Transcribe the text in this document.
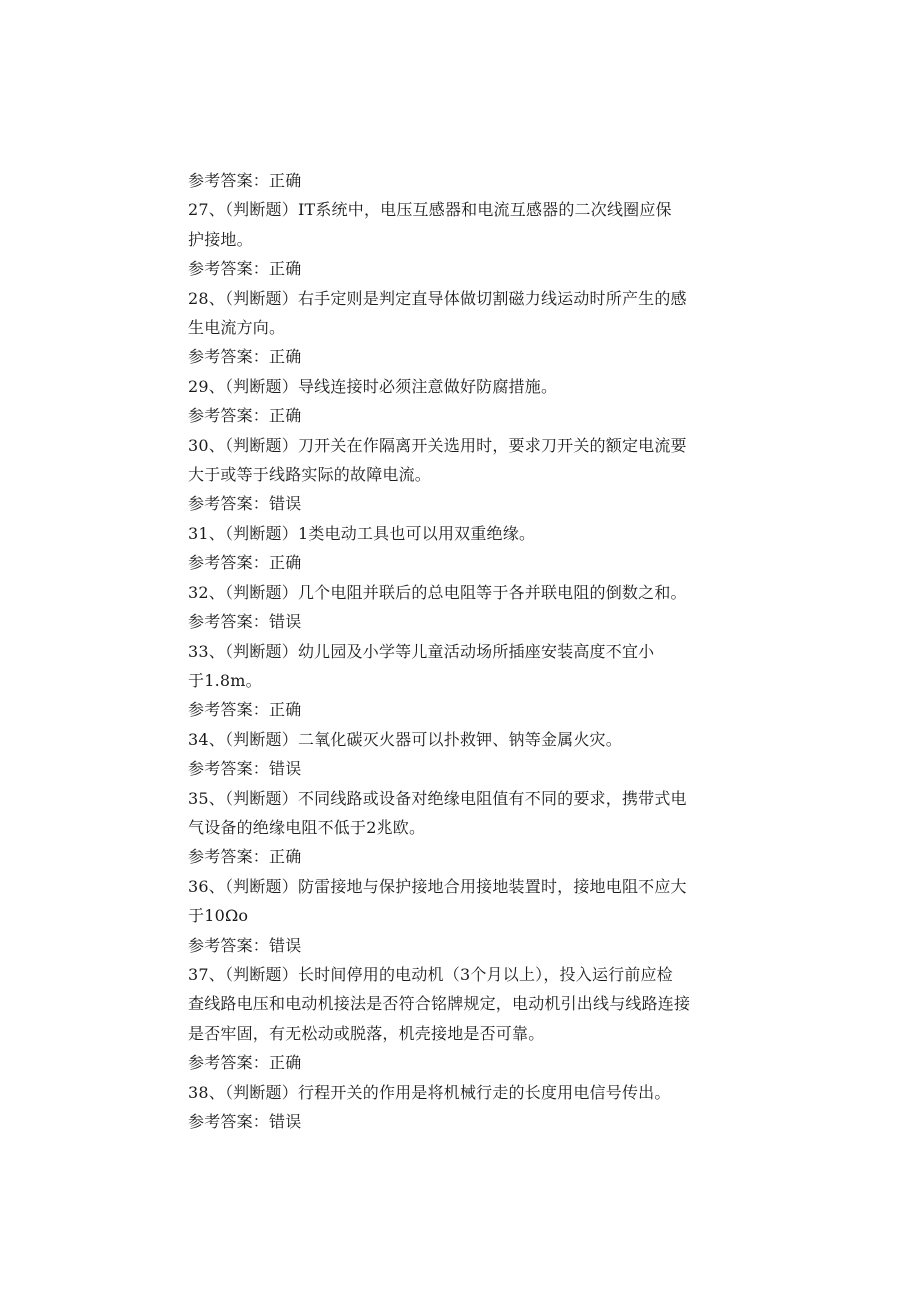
参考答案：正确
27、（判断题）IT系统中，电压互感器和电流互感器的二次线圈应保
护接地。
参考答案：正确
28、（判断题）右手定则是判定直导体做切割磁力线运动时所产生的感
生电流方向。
参考答案：正确
29、（判断题）导线连接时必须注意做好防腐措施。
参考答案：正确
30、（判断题）刀开关在作隔离开关选用时，要求刀开关的额定电流要
大于或等于线路实际的故障电流。
参考答案：错误
31、（判断题）1类电动工具也可以用双重绝缘。
参考答案：正确
32、（判断题）几个电阻并联后的总电阻等于各并联电阻的倒数之和。
参考答案：错误
33、（判断题）幼儿园及小学等儿童活动场所插座安装高度不宜小
于1.8m。
参考答案：正确
34、（判断题）二氧化碳灭火器可以扑救钾、钠等金属火灾。
参考答案：错误
35、（判断题）不同线路或设备对绝缘电阻值有不同的要求，携带式电
气设备的绝缘电阻不低于2兆欧。
参考答案：正确
36、（判断题）防雷接地与保护接地合用接地装置时，接地电阻不应大
于10Ωo
参考答案：错误
37、（判断题）长时间停用的电动机（3个月以上），投入运行前应检
查线路电压和电动机接法是否符合铭牌规定，电动机引出线与线路连接
是否牢固，有无松动或脱落，机壳接地是否可靠。
参考答案：正确
38、（判断题）行程开关的作用是将机械行走的长度用电信号传出。
参考答案：错误
